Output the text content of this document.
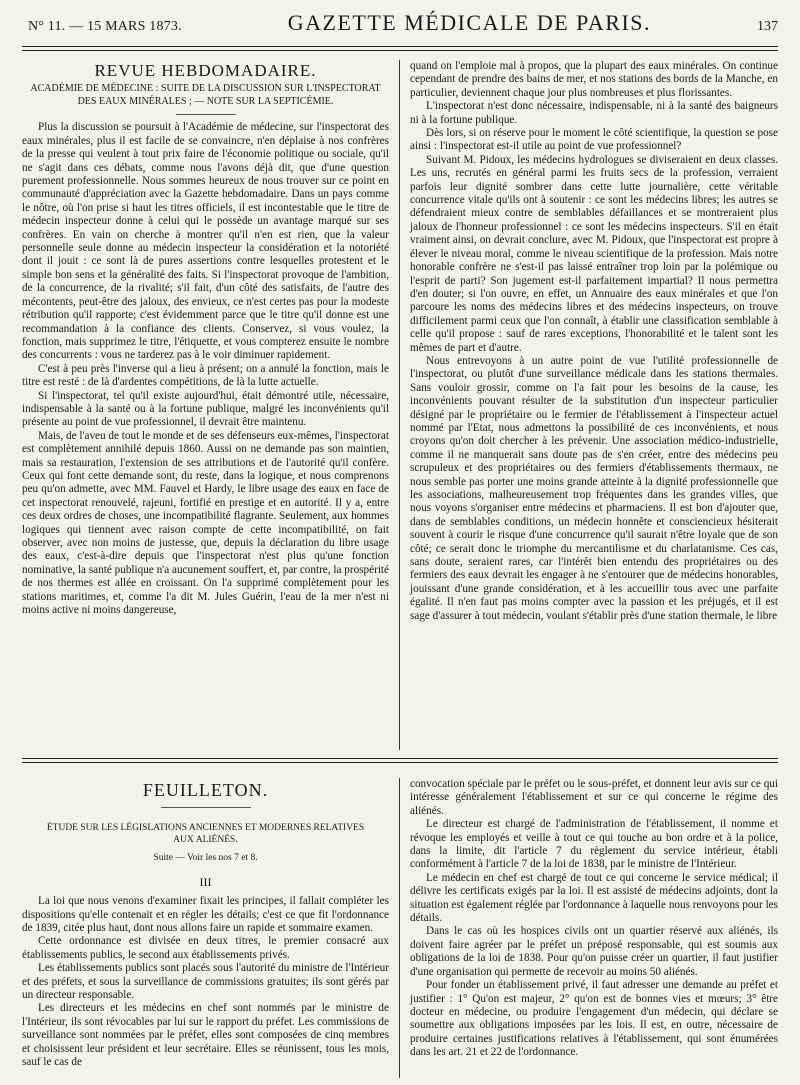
N° 11. — 15 MARS 1873.	GAZETTE MÉDICALE DE PARIS.	137
REVUE HEBDOMADAIRE.
ACADÉMIE DE MÉDECINE : SUITE DE LA DISCUSSION SUR L'INSPECTORAT DES EAUX MINÉRALES ; — NOTE SUR LA SEPTICÉMIE.

Plus la discussion se poursuit à l'Académie de médecine, sur l'inspectorat des eaux minérales, plus il est facile de se convaincre, n'en déplaise à nos confrères de la presse qui veulent à tout prix faire de l'économie politique ou sociale, qu'il ne s'agit dans ces débats, comme nous l'avons déjà dit, que d'une question purement professionnelle. Nous sommes heureux de nous trouver sur ce point en communauté d'appréciation avec la Gazette hebdomadaire. Dans un pays comme le nôtre, où l'on prise si haut les titres officiels, il est incontestable que le titre de médecin inspecteur donne à celui qui le possède un avantage marqué sur ses confrères. En vain on cherche à montrer qu'il n'en est rien, que la valeur personnelle seule donne au médecin inspecteur la considération et la notoriété dont il jouit : ce sont là de pures assertions contre lesquelles protestent et le simple bon sens et la généralité des faits. Si l'inspectorat provoque de l'ambition, de la concurrence, de la rivalité; s'il fait, d'un côté des satisfaits, de l'autre des mécontents, peut-être des jaloux, des envieux, ce n'est certes pas pour la modeste rétribution qu'il rapporte; c'est évidemment parce que le titre qu'il donne est une recommandation à la confiance des clients. Conservez, si vous voulez, la fonction, mais supprimez le titre, l'étiquette, et vous compterez ensuite le nombre des concurrents : vous ne tarderez pas à le voir diminuer rapidement.

C'est à peu près l'inverse qui a lieu à présent; on a annulé la fonction, mais le titre est resté : de là d'ardentes compétitions, de là la lutte actuelle.

Si l'inspectorat, tel qu'il existe aujourd'hui, était démontré utile, nécessaire, indispensable à la santé ou à la fortune publique, malgré les inconvénients qu'il présente au point de vue professionnel, il devrait être maintenu.

Mais, de l'aveu de tout le monde et de ses défenseurs eux-mêmes, l'inspectorat est complètement annihilé depuis 1860. Aussi on ne demande pas son maintien, mais sa restauration, l'extension de ses attributions et de l'autorité qu'il confère. Ceux qui font cette demande sont, du reste, dans la logique, et nous comprenons peu qu'on admette, avec MM. Fauvel et Hardy, le libre usage des eaux en face de cet inspectorat renouvelé, rajeuni, fortifié en prestige et en autorité. Il y a, entre ces deux ordres de choses, une incompatibilité flagrante. Seulement, aux hommes logiques qui tiennent avec raison compte de cette incompatibilité, on fait observer, avec non moins de justesse, que, depuis la déclaration du libre usage des eaux, c'est-à-dire depuis que l'inspectorat n'est plus qu'une fonction nominative, la santé publique n'a aucunement souffert, et, par contre, la prospérité de nos thermes est allée en croissant. On l'a supprimé complètement pour les stations maritimes, et, comme l'a dit M. Jules Guérin, l'eau de la mer n'est ni moins active ni moins dangereuse,

quand on l'emploie mal à propos, que la plupart des eaux minérales. On continue cependant de prendre des bains de mer, et nos stations des bords de la Manche, en particulier, deviennent chaque jour plus nombreuses et plus florissantes.

L'inspectorat n'est donc nécessaire, indispensable, ni à la santé des baigneurs ni à la fortune publique.

Dès lors, si on réserve pour le moment le côté scientifique, la question se pose ainsi : l'inspectorat est-il utile au point de vue professionnel?

Suivant M. Pidoux, les médecins hydrologues se diviseraient en deux classes. Les uns, recrutés en général parmi les fruits secs de la profession, verraient parfois leur dignité sombrer dans cette lutte journalière, cette véritable concurrence vitale qu'ils ont à soutenir : ce sont les médecins libres; les autres se défendraient mieux contre de semblables défaillances et se montreraient plus jaloux de l'honneur professionnel : ce sont les médecins inspecteurs. S'il en était vraiment ainsi, on devrait conclure, avec M. Pidoux, que l'inspectorat est propre à élever le niveau moral, comme le niveau scientifique de la profession. Mais notre honorable confrère ne s'est-il pas laissé entraîner trop loin par la polémique ou l'esprit de parti? Son jugement est-il parfaitement impartial? Il nous permettra d'en douter; si l'on ouvre, en effet, un Annuaire des eaux minérales et que l'on parcoure les noms des médecins libres et des médecins inspecteurs, on trouve difficilement parmi ceux que l'on connaît, à établir une classification semblable à celle qu'il propose : sauf de rares exceptions, l'honorabilité et le talent sont les mêmes de part et d'autre.

Nous entrevoyons à un autre point de vue l'utilité professionnelle de l'inspectorat, ou plutôt d'une surveillance médicale dans les stations thermales. Sans vouloir grossir, comme on l'a fait pour les besoins de la cause, les inconvénients pouvant résulter de la substitution d'un inspecteur particulier désigné par le propriétaire ou le fermier de l'établissement à l'inspecteur actuel nommé par l'Etat, nous admettons la possibilité de ces inconvénients, et nous croyons qu'on doit chercher à les prévenir. Une association médico-industrielle, comme il ne manquerait sans doute pas de s'en créer, entre des médecins peu scrupuleux et des propriétaires ou des fermiers d'établissements thermaux, ne nous semble pas porter une moins grande atteinte à la dignité professionnelle que les associations, malheureusement trop fréquentes dans les grandes villes, que nous voyons s'organiser entre médecins et pharmaciens. Il est bon d'ajouter que, dans de semblables conditions, un médecin honnête et consciencieux hésiterait souvent à courir le risque d'une concurrence qu'il saurait n'être loyale que de son côté; ce serait donc le triomphe du mercantilisme et du charlatanisme. Ces cas, sans doute, seraient rares, car l'intérêt bien entendu des propriétaires ou des fermiers des eaux devrait les engager à ne s'entourer que de médecins honorables, jouissant d'une grande considération, et à les accueillir tous avec une parfaite égalité. Il n'en faut pas moins compter avec la passion et les préjugés, et il est sage d'assurer à tout médecin, voulant s'établir près d'une station thermale, le libre

FEUILLETON.
ÉTUDE SUR LES LÉGISLATIONS ANCIENNES ET MODERNES RELATIVES AUX ALIÉNÉS.
Suite — Voir les nos 7 et 8.
III

La loi que nous venons d'examiner fixait les principes, il fallait compléter les dispositions qu'elle contenait et en régler les détails; c'est ce que fit l'ordonnance de 1839, citée plus haut, dont nous allons faire un rapide et sommaire examen.

Cette ordonnance est divisée en deux titres, le premier consacré aux établissements publics, le second aux établissements privés.

Les établissements publics sont placés sous l'autorité du ministre de l'Intérieur et des préfets, et sous la surveillance de commissions gratuites; ils sont gérés par un directeur responsable.

Les directeurs et les médecins en chef sont nommés par le ministre de l'Intérieur, ils sont révocables par lui sur le rapport du préfet. Les commissions de surveillance sont nommées par le préfet, elles sont composées de cinq membres et choisissent leur président et leur secrétaire. Elles se réunissent, tous les mois, sauf le cas de

convocation spéciale par le préfet ou le sous-préfet, et donnent leur avis sur ce qui intéresse généralement l'établissement et sur ce qui concerne le régime des aliénés.

Le directeur est chargé de l'administration de l'établissement, il nomme et révoque les employés et veille à tout ce qui touche au bon ordre et à la police, dans la limite, dit l'article 7 du règlement du service intérieur, établi conformément à l'article 7 de la loi de 1838, par le ministre de l'Intérieur.

Le médecin en chef est chargé de tout ce qui concerne le service médical; il délivre les certificats exigés par la loi. Il est assisté de médecins adjoints, dont la situation est également réglée par l'ordonnance à laquelle nous renvoyons pour les détails.

Dans le cas où les hospices civils ont un quartier réservé aux aliénés, ils doivent faire agréer par le préfet un préposé responsable, qui est soumis aux obligations de la loi de 1838. Pour qu'on puisse créer un quartier, il faut justifier d'une organisation qui permette de recevoir au moins 50 aliénés.

Pour fonder un établissement privé, il faut adresser une demande au préfet et justifier : 1° Qu'on est majeur, 2° qu'on est de bonnes vies et mœurs; 3° être docteur en médecine, ou produire l'engagement d'un médecin, qui déclare se soumettre aux obligations imposées par les lois. Il est, en outre, nécessaire de produire certaines justifications relatives à l'établissement, qui sont énumérées dans les art. 21 et 22 de l'ordonnance.
